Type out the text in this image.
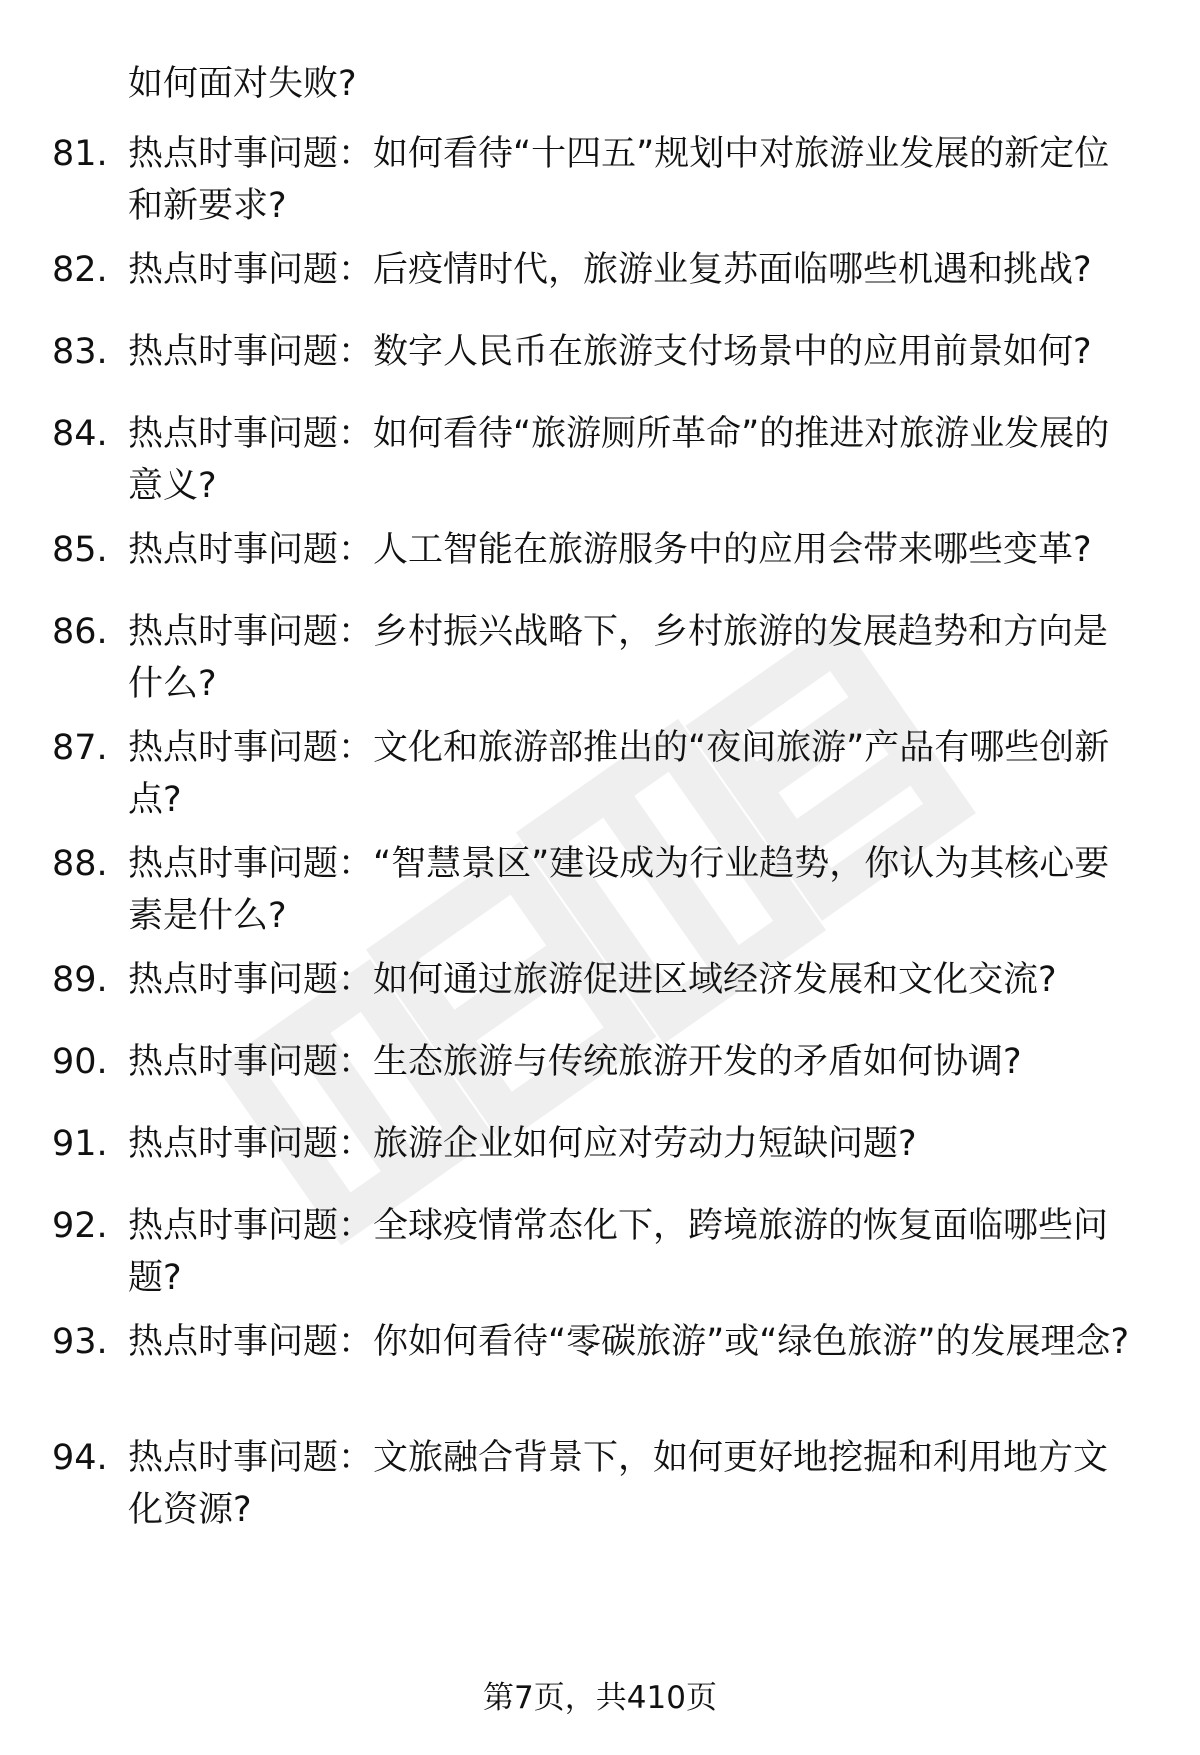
如何面对失败?
81. 热点时事问题：如何看待“十四五”规划中对旅游业发展的新定位和新要求?
82. 热点时事问题：后疫情时代，旅游业复苏面临哪些机遇和挑战?
83. 热点时事问题：数字人民币在旅游支付场景中的应用前景如何?
84. 热点时事问题：如何看待“旅游厕所革命”的推进对旅游业发展的意义?
85. 热点时事问题：人工智能在旅游服务中的应用会带来哪些变革?
86. 热点时事问题：乡村振兴战略下，乡村旅游的发展趋势和方向是什么?
87. 热点时事问题：文化和旅游部推出的“夜间旅游”产品有哪些创新点?
88. 热点时事问题：“智慧景区”建设成为行业趋势，你认为其核心要素是什么?
89. 热点时事问题：如何通过旅游促进区域经济发展和文化交流?
90. 热点时事问题：生态旅游与传统旅游开发的矛盾如何协调?
91. 热点时事问题：旅游企业如何应对劳动力短缺问题?
92. 热点时事问题：全球疫情常态化下，跨境旅游的恢复面临哪些问题?
93. 热点时事问题：你如何看待“零碳旅游”或“绿色旅游”的发展理念?
94. 热点时事问题：文旅融合背景下，如何更好地挖掘和利用地方文化资源?
第7页，共410页
